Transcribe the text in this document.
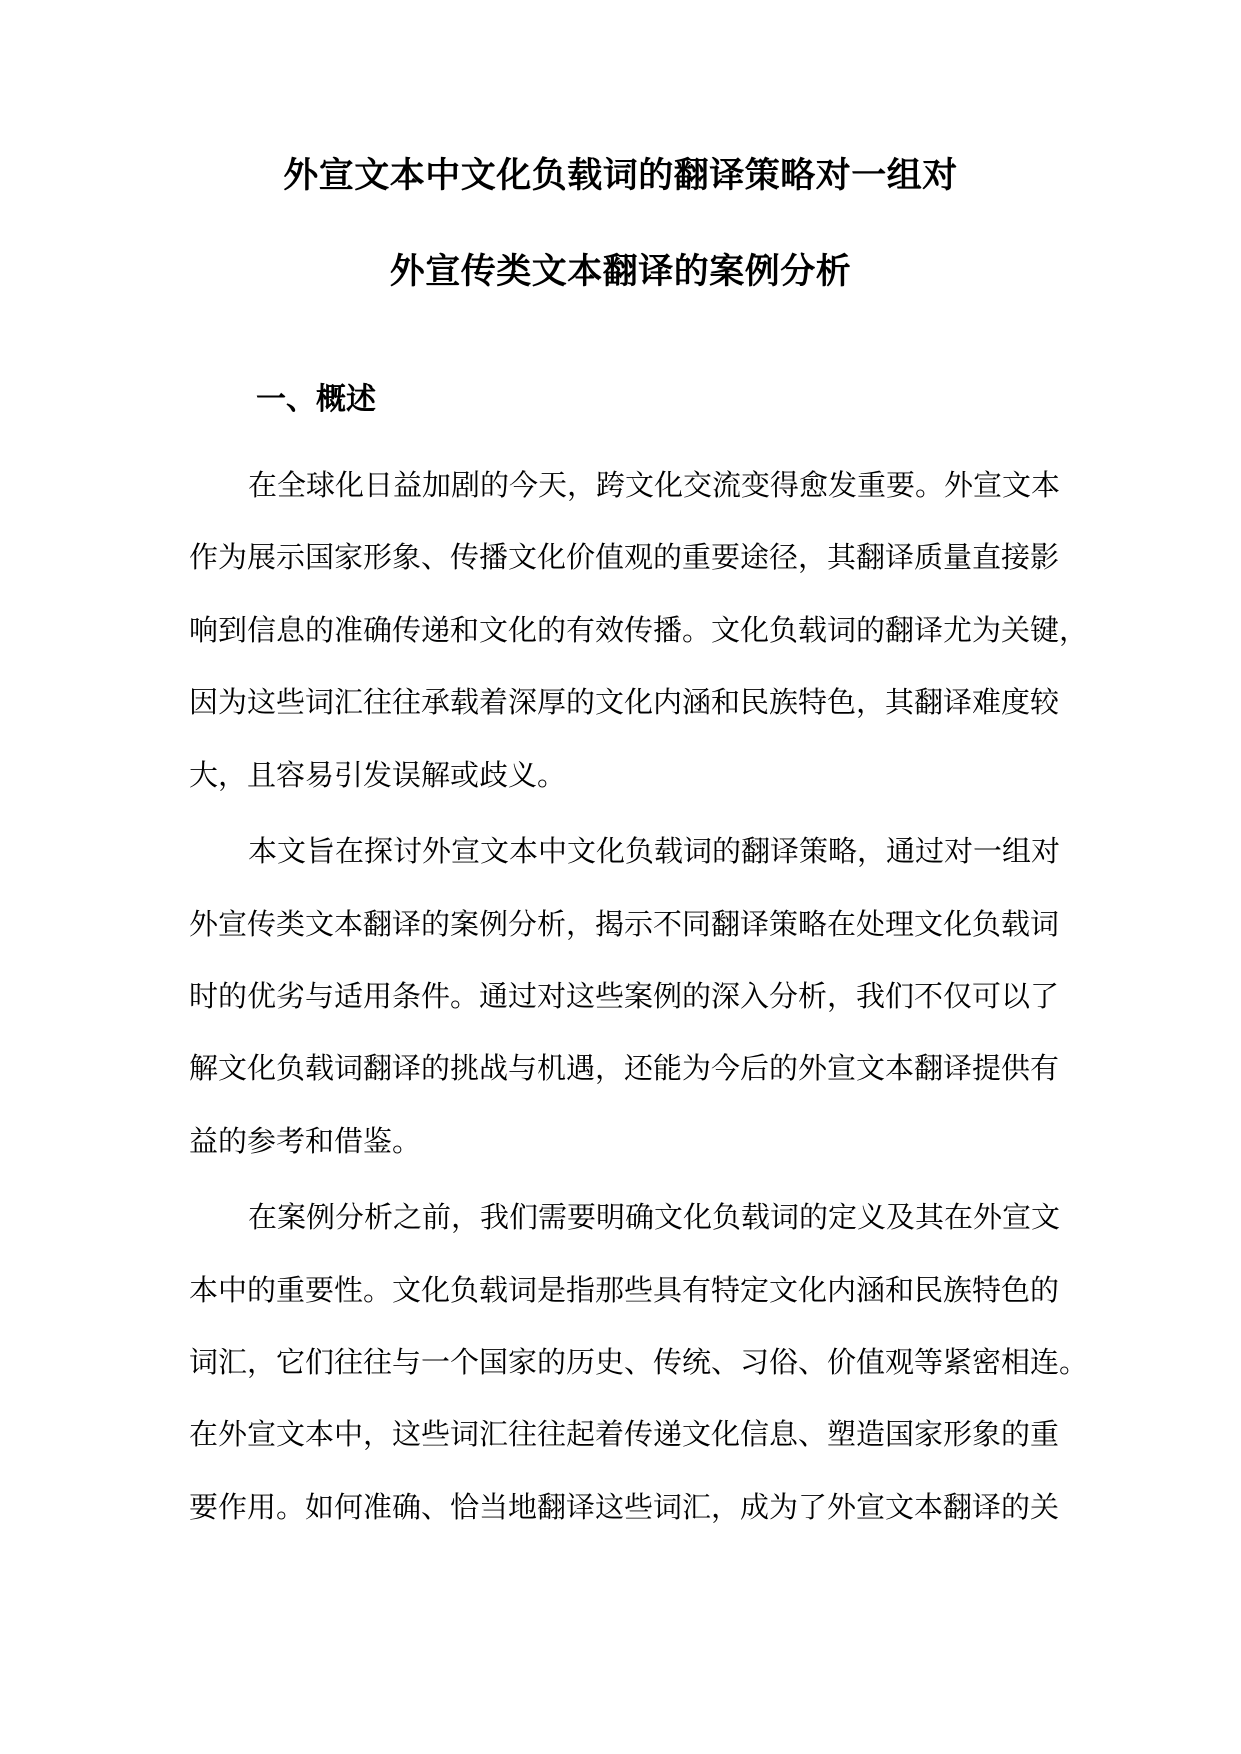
外宣文本中文化负载词的翻译策略对一组对
外宣传类文本翻译的案例分析
一、概述
在全球化日益加剧的今天，跨文化交流变得愈发重要。外宣文本
作为展示国家形象、传播文化价值观的重要途径，其翻译质量直接影
响到信息的准确传递和文化的有效传播。文化负载词的翻译尤为关键，
因为这些词汇往往承载着深厚的文化内涵和民族特色，其翻译难度较
大，且容易引发误解或歧义。
本文旨在探讨外宣文本中文化负载词的翻译策略，通过对一组对
外宣传类文本翻译的案例分析，揭示不同翻译策略在处理文化负载词
时的优劣与适用条件。通过对这些案例的深入分析，我们不仅可以了
解文化负载词翻译的挑战与机遇，还能为今后的外宣文本翻译提供有
益的参考和借鉴。
在案例分析之前，我们需要明确文化负载词的定义及其在外宣文
本中的重要性。文化负载词是指那些具有特定文化内涵和民族特色的
词汇，它们往往与一个国家的历史、传统、习俗、价值观等紧密相连。
在外宣文本中，这些词汇往往起着传递文化信息、塑造国家形象的重
要作用。如何准确、恰当地翻译这些词汇，成为了外宣文本翻译的关
